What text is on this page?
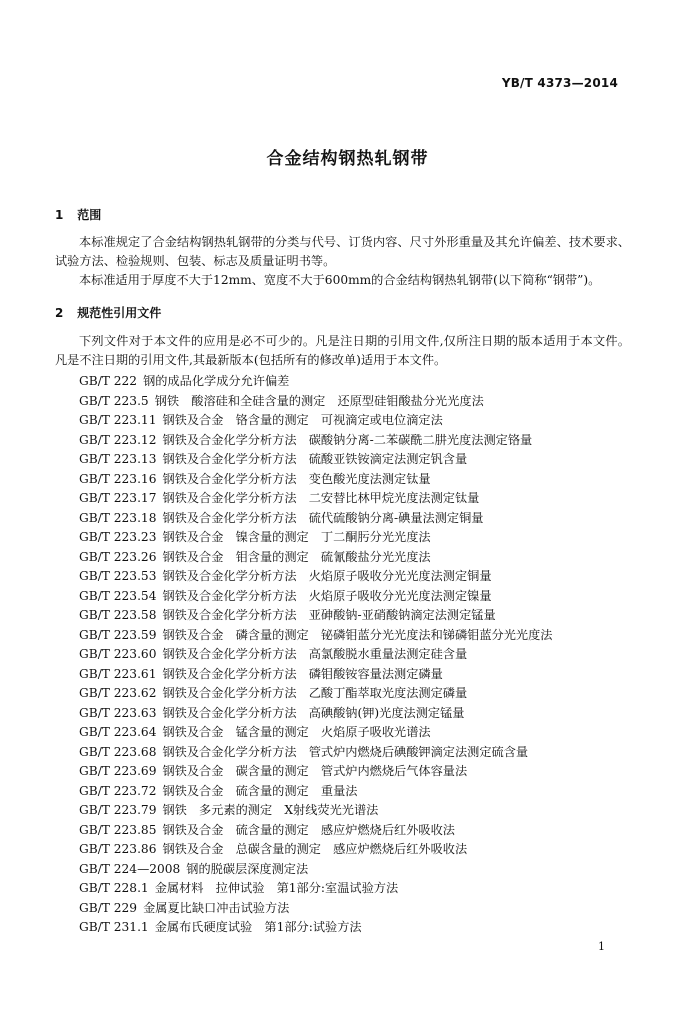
YB/T 4373—2014
合金结构钢热轧钢带
1 范围
本标准规定了合金结构钢热轧钢带的分类与代号、订货内容、尺寸外形重量及其允许偏差、技术要求、试验方法、检验规则、包装、标志及质量证明书等。
本标准适用于厚度不大于12mm、宽度不大于600mm的合金结构钢热轧钢带(以下简称“钢带”)。
2 规范性引用文件
下列文件对于本文件的应用是必不可少的。凡是注日期的引用文件,仅所注日期的版本适用于本文件。凡是不注日期的引用文件,其最新版本(包括所有的修改单)适用于本文件。
GB/T 222 钢的成品化学成分允许偏差
GB/T 223.5 钢铁　酸溶硅和全硅含量的测定　还原型硅钼酸盐分光光度法
GB/T 223.11 钢铁及合金　铬含量的测定　可视滴定或电位滴定法
GB/T 223.12 钢铁及合金化学分析方法　碳酸钠分离-二苯碳酰二肼光度法测定铬量
GB/T 223.13 钢铁及合金化学分析方法　硫酸亚铁铵滴定法测定钒含量
GB/T 223.16 钢铁及合金化学分析方法　变色酸光度法测定钛量
GB/T 223.17 钢铁及合金化学分析方法　二安替比林甲烷光度法测定钛量
GB/T 223.18 钢铁及合金化学分析方法　硫代硫酸钠分离-碘量法测定铜量
GB/T 223.23 钢铁及合金　镍含量的测定　丁二酮肟分光光度法
GB/T 223.26 钢铁及合金　钼含量的测定　硫氰酸盐分光光度法
GB/T 223.53 钢铁及合金化学分析方法　火焰原子吸收分光光度法测定铜量
GB/T 223.54 钢铁及合金化学分析方法　火焰原子吸收分光光度法测定镍量
GB/T 223.58 钢铁及合金化学分析方法　亚砷酸钠-亚硝酸钠滴定法测定锰量
GB/T 223.59 钢铁及合金　磷含量的测定　铋磷钼蓝分光光度法和锑磷钼蓝分光光度法
GB/T 223.60 钢铁及合金化学分析方法　高氯酸脱水重量法测定硅含量
GB/T 223.61 钢铁及合金化学分析方法　磷钼酸铵容量法测定磷量
GB/T 223.62 钢铁及合金化学分析方法　乙酸丁酯萃取光度法测定磷量
GB/T 223.63 钢铁及合金化学分析方法　高碘酸钠(钾)光度法测定锰量
GB/T 223.64 钢铁及合金　锰含量的测定　火焰原子吸收光谱法
GB/T 223.68 钢铁及合金化学分析方法　管式炉内燃烧后碘酸钾滴定法测定硫含量
GB/T 223.69 钢铁及合金　碳含量的测定　管式炉内燃烧后气体容量法
GB/T 223.72 钢铁及合金　硫含量的测定　重量法
GB/T 223.79 钢铁　多元素的测定　X射线荧光光谱法
GB/T 223.85 钢铁及合金　硫含量的测定　感应炉燃烧后红外吸收法
GB/T 223.86 钢铁及合金　总碳含量的测定　感应炉燃烧后红外吸收法
GB/T 224—2008 钢的脱碳层深度测定法
GB/T 228.1 金属材料　拉伸试验　第1部分:室温试验方法
GB/T 229 金属夏比缺口冲击试验方法
GB/T 231.1 金属布氏硬度试验　第1部分:试验方法
1
